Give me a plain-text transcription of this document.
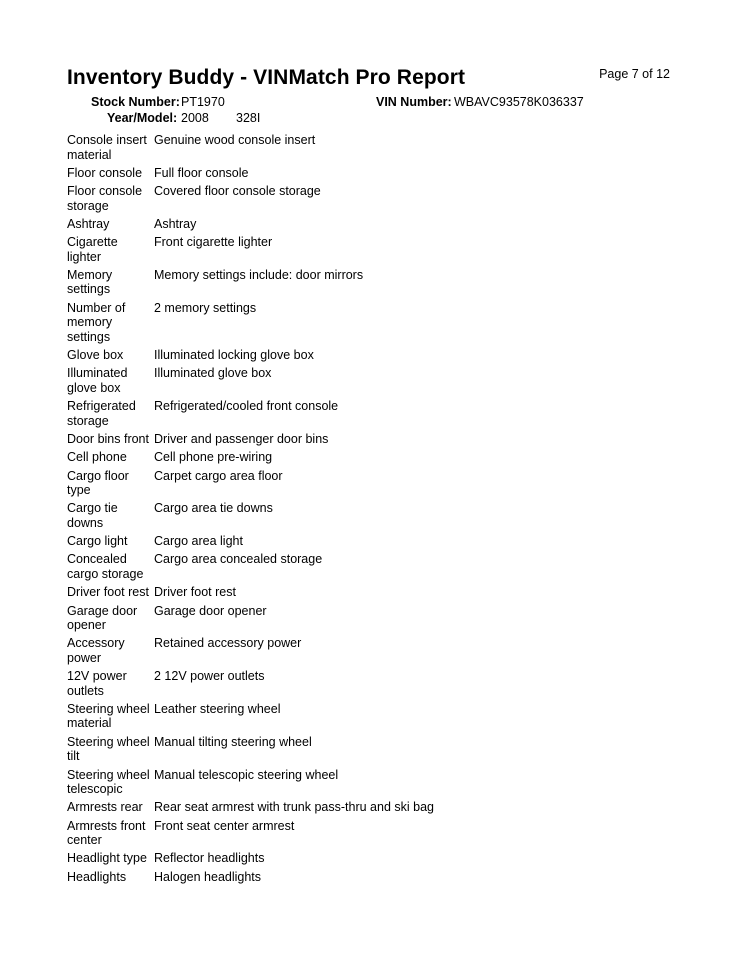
Inventory Buddy - VINMatch Pro Report	Page 7 of 12
Stock Number: PT1970	VIN Number: WBAVC93578K036337
Year/Model: 2008 328I
Console insert material	Genuine wood console insert
Floor console	Full floor console
Floor console storage	Covered floor console storage
Ashtray	Ashtray
Cigarette lighter	Front cigarette lighter
Memory settings	Memory settings include: door mirrors
Number of memory settings	2 memory settings
Glove box	Illuminated locking glove box
Illuminated glove box	Illuminated glove box
Refrigerated storage	Refrigerated/cooled front console
Door bins front	Driver and passenger door bins
Cell phone	Cell phone pre-wiring
Cargo floor type	Carpet cargo area floor
Cargo tie downs	Cargo area tie downs
Cargo light	Cargo area light
Concealed cargo storage	Cargo area concealed storage
Driver foot rest	Driver foot rest
Garage door opener	Garage door opener
Accessory power	Retained accessory power
12V power outlets	2 12V power outlets
Steering wheel material	Leather steering wheel
Steering wheel tilt	Manual tilting steering wheel
Steering wheel telescopic	Manual telescopic steering wheel
Armrests rear	Rear seat armrest with trunk pass-thru and ski bag
Armrests front center	Front seat center armrest
Headlight type	Reflector headlights
Headlights	Halogen headlights
